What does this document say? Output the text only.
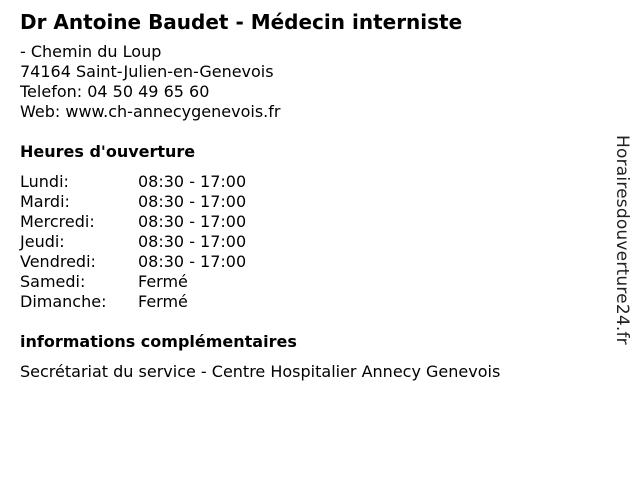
Dr Antoine Baudet - Médecin interniste
- Chemin du Loup
74164 Saint-Julien-en-Genevois
Telefon: 04 50 49 65 60
Web: www.ch-annecygenevois.fr
Heures d'ouverture
Lundi:	08:30 - 17:00
Mardi:	08:30 - 17:00
Mercredi:	08:30 - 17:00
Jeudi:	08:30 - 17:00
Vendredi:	08:30 - 17:00
Samedi:	Fermé
Dimanche:	Fermé
informations complémentaires
Secrétariat du service - Centre Hospitalier Annecy Genevois
Horairesdouverture24.fr
